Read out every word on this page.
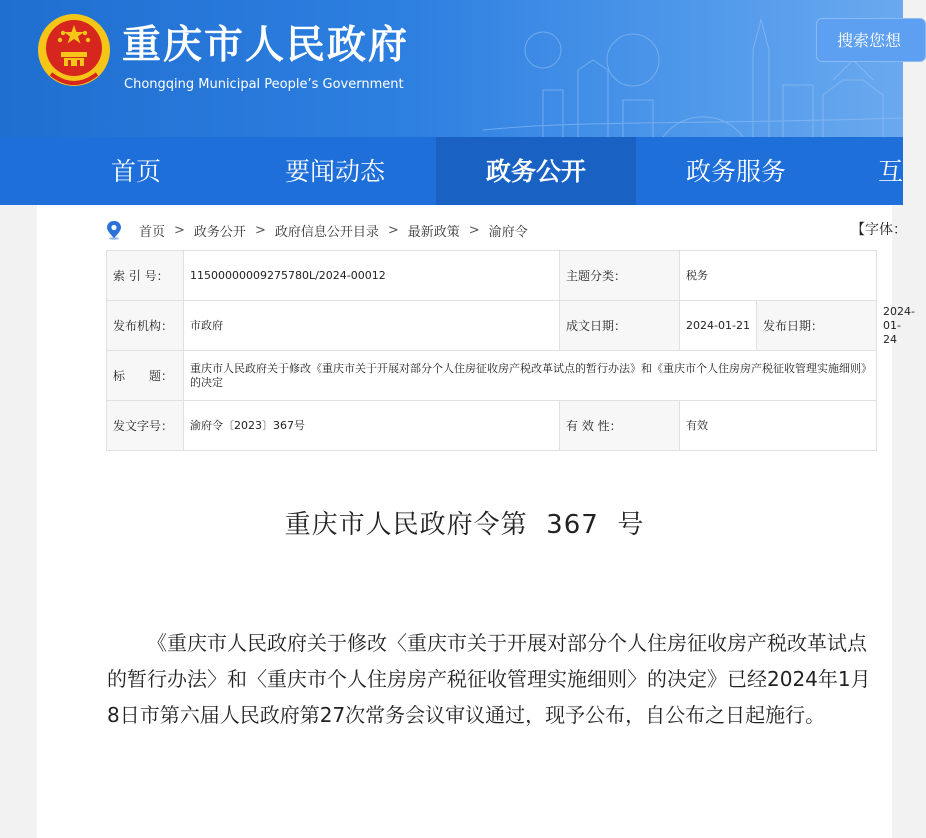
重庆市人民政府
Chongqing Municipal People’s Government
搜索您想
首页	要闻动态	政务公开	政务服务	互
首页 > 政务公开 > 政府信息公开目录 > 最新政策 > 渝府令	【字体：
索 引 号：	11500000009275780L/2024-00012	主题分类：	税务		
发布机构：	市政府	成文日期：	2024-01-21	发布日期：	2024-01-24
标　　题：	重庆市人民政府关于修改《重庆市关于开展对部分个人住房征收房产税改革试点的暂行办法》和《重庆市个人住房房产税征收管理实施细则》的决定				
发文字号：	渝府令〔2023〕367号	有 效 性：	有效		
重庆市人民政府令第  367  号

《重庆市人民政府关于修改〈重庆市关于开展对部分个人住房征收房产税改革试点的暂行办法〉和〈重庆市个人住房房产税征收管理实施细则〉的决定》已经2024年1月8日市第六届人民政府第27次常务会议审议通过，现予公布，自公布之日起施行。
